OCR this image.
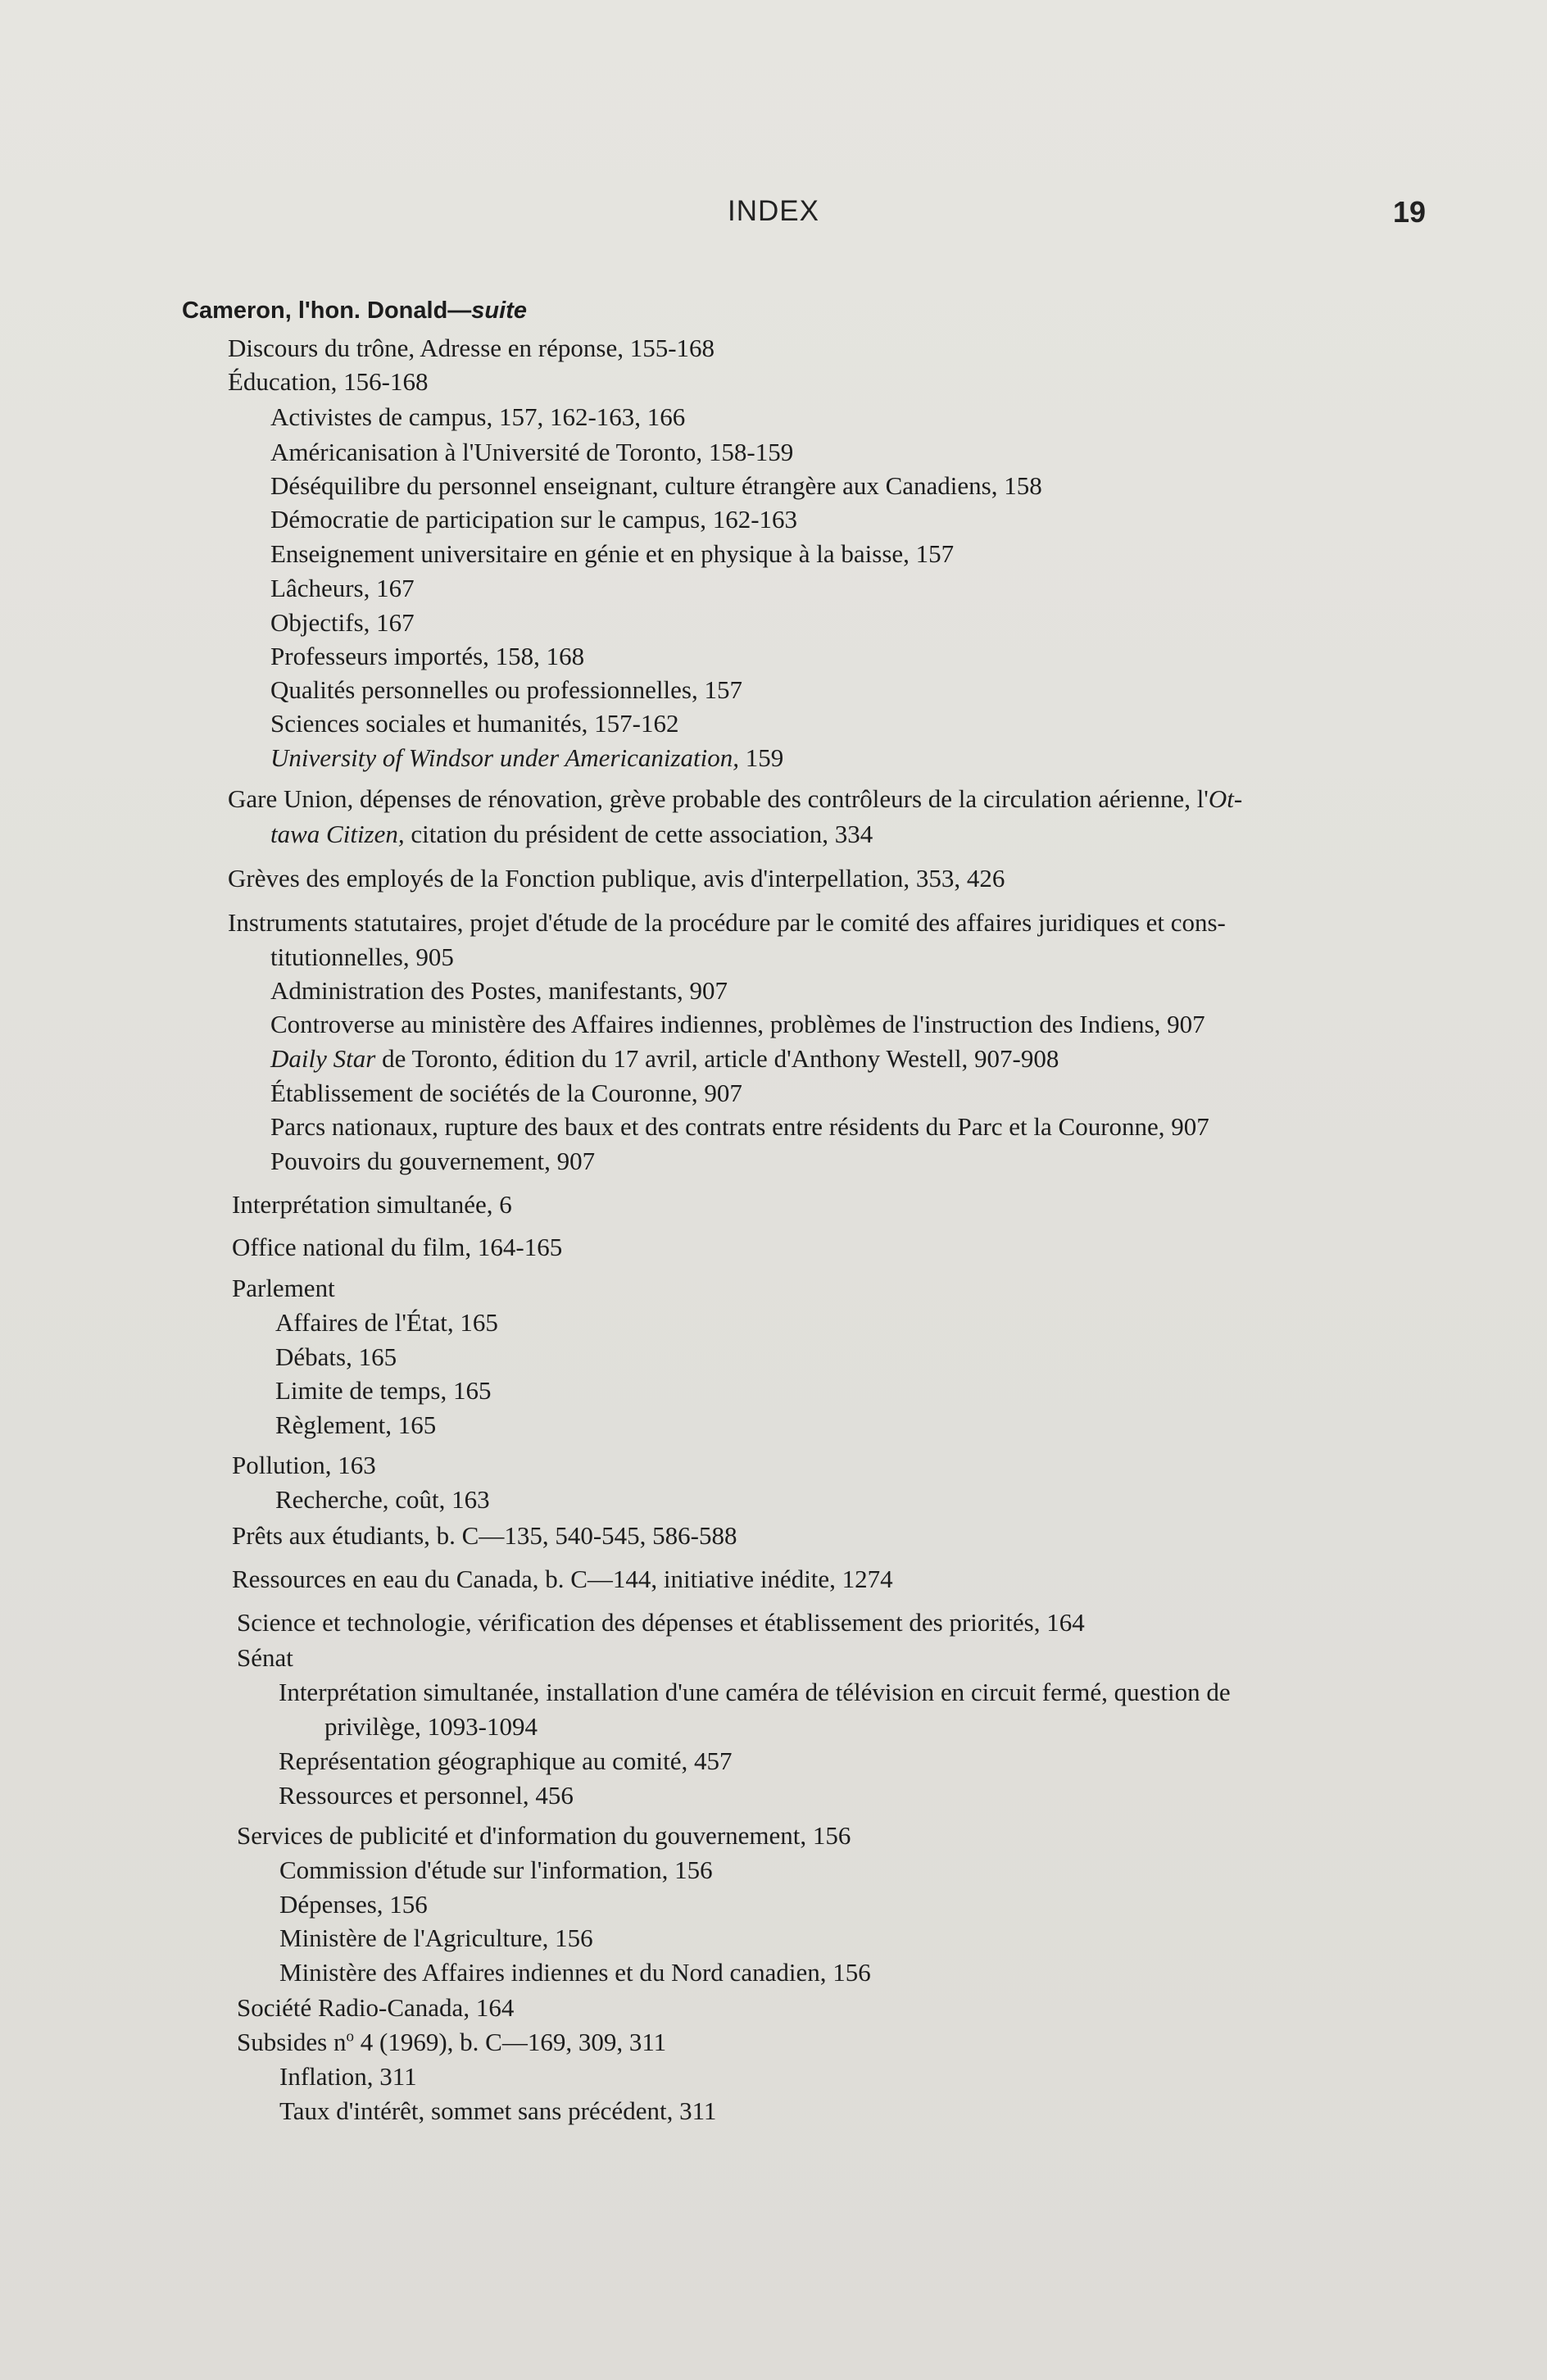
INDEX	19
Cameron, l'hon. Donald—suite
Discours du trône, Adresse en réponse, 155-168
Éducation, 156-168
Activistes de campus, 157, 162-163, 166
Américanisation à l'Université de Toronto, 158-159
Déséquilibre du personnel enseignant, culture étrangère aux Canadiens, 158
Démocratie de participation sur le campus, 162-163
Enseignement universitaire en génie et en physique à la baisse, 157
Lâcheurs, 167
Objectifs, 167
Professeurs importés, 158, 168
Qualités personnelles ou professionnelles, 157
Sciences sociales et humanités, 157-162
University of Windsor under Americanization, 159
Gare Union, dépenses de rénovation, grève probable des contrôleurs de la circulation aérienne, l'Ot-
tawa Citizen, citation du président de cette association, 334
Grèves des employés de la Fonction publique, avis d'interpellation, 353, 426
Instruments statutaires, projet d'étude de la procédure par le comité des affaires juridiques et cons-
titutionnelles, 905
Administration des Postes, manifestants, 907
Controverse au ministère des Affaires indiennes, problèmes de l'instruction des Indiens, 907
Daily Star de Toronto, édition du 17 avril, article d'Anthony Westell, 907-908
Établissement de sociétés de la Couronne, 907
Parcs nationaux, rupture des baux et des contrats entre résidents du Parc et la Couronne, 907
Pouvoirs du gouvernement, 907
Interprétation simultanée, 6
Office national du film, 164-165
Parlement
Affaires de l'État, 165
Débats, 165
Limite de temps, 165
Règlement, 165
Pollution, 163
Recherche, coût, 163
Prêts aux étudiants, b. C—135, 540-545, 586-588
Ressources en eau du Canada, b. C—144, initiative inédite, 1274
Science et technologie, vérification des dépenses et établissement des priorités, 164
Sénat
Interprétation simultanée, installation d'une caméra de télévision en circuit fermé, question de
privilège, 1093-1094
Représentation géographique au comité, 457
Ressources et personnel, 456
Services de publicité et d'information du gouvernement, 156
Commission d'étude sur l'information, 156
Dépenses, 156
Ministère de l'Agriculture, 156
Ministère des Affaires indiennes et du Nord canadien, 156
Société Radio-Canada, 164
Subsides $n^o$ 4 (1969), b. C—169, 309, 311
Inflation, 311
Taux d'intérêt, sommet sans précédent, 311
